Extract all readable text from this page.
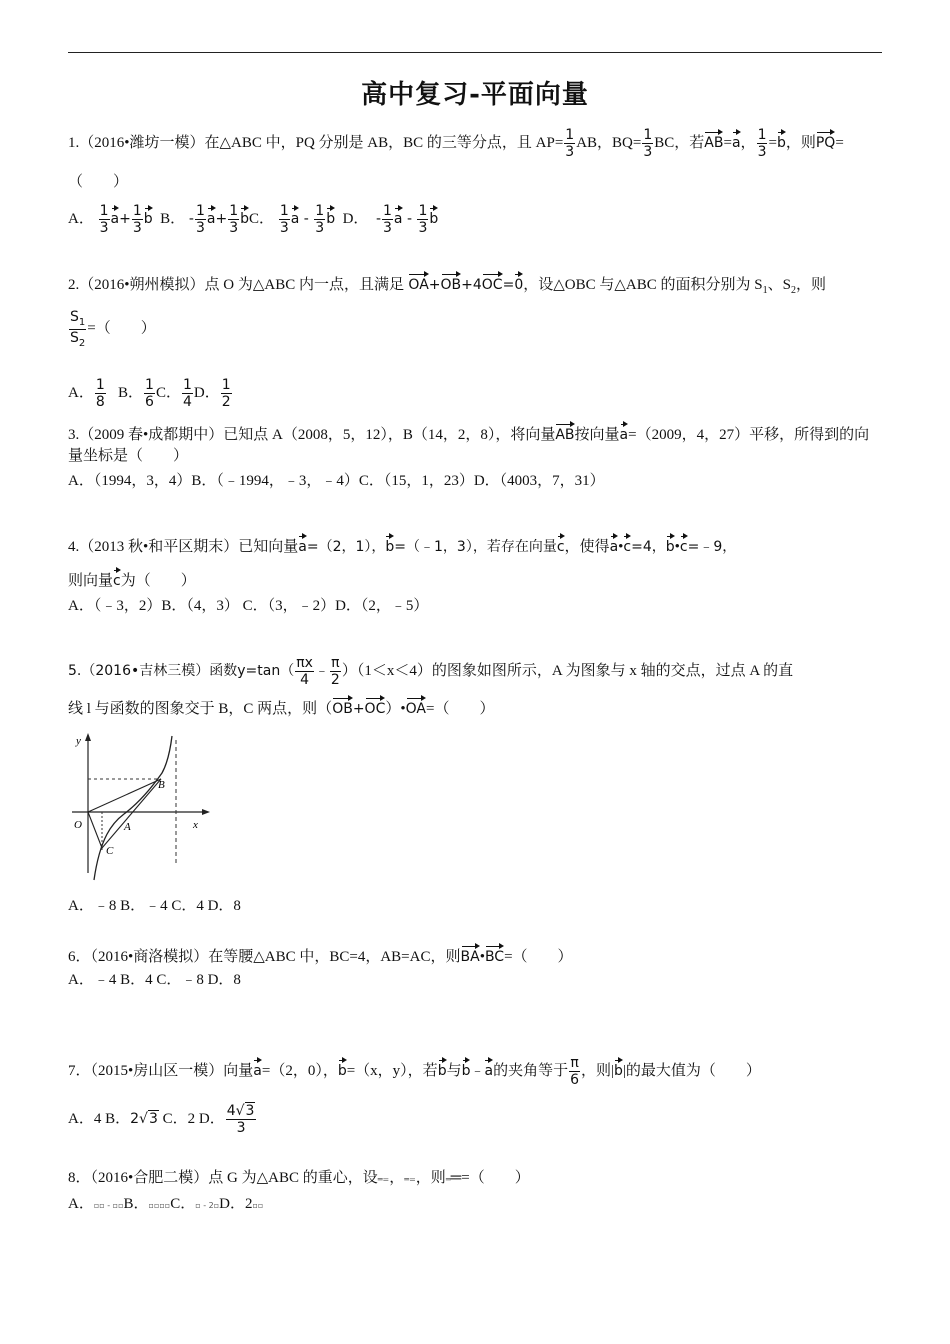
高中复习-平面向量
1.（2016•潍坊一模）在△ABC 中，PQ 分别是 AB，BC 的三等分点，且 $AP= \frac{1}{3}$ AB，$BQ= \frac{1}{3}$ BC，若AB=a， $\frac{1}{3} =b$，则PQ=
（　　）
A． $\frac{1}{3} a+ \frac{1}{3}$ b B． - $\frac{1}{3} a+ \frac{1}{3}$ bC． $\frac{1}{3}$ a - $\frac{1}{3}$ b D． - $\frac{1}{3}$ a - $\frac{1}{3}$ b
2.（2016•朔州模拟）点 O 为△ABC 内一点，且满足 OA+OB+4OC=0，设△OBC 与△ABC 的面积分别为 $S_1$、$S_2$，则
$\frac{S_1}{S_2}$ =（　　）
A． $\frac{1}{8}$ B． $\frac{1}{6}$ C． $\frac{1}{4}$ D． $\frac{1}{2}$
3.（2009 春•成都期中）已知点 A（2008，5，12），B（14，2，8），将向量AB按向量a=（2009，4，27）平移，所得到的向
量坐标是（　　）
A．（1994，3，4）B．（﹣1994，﹣3，﹣4）C．（15，1，23）D．（4003，7，31）
4.（2013 秋•和平区期末）已知向量a=（2，1），b=（﹣1，3），若存在向量c，使得a•c=4，b•c=﹣9，
则向量c为（　　）
A．（﹣3，2）B．（4，3） C．（3，﹣2）D．（2，﹣5）
5.（2016•吉林三模）函数$y=\tan( \frac{\pi x}{4}$ ﹣ $\frac{\pi}{2} )(1<x<4)$的图象如图所示，A 为图象与 x 轴的交点，过点 A 的直
线 l 与函数的图象交于 B，C 两点，则（OB+OC）•OA=（　　）
y
x
O	A
B
C
A．﹣8 B．﹣4 C．4 D．8
6．（2016•商洛模拟）在等腰△ABC 中，BC=4，AB=AC，则BA•BC=（　　）
A．﹣4 B．4 C．﹣8 D．8
7．（2015•房山区一模）向量a=（2，0），b=（x，y），若b与b﹣a的夹角等于 $\frac{\pi}{6}$ ，则|b|的最大值为（　　）
A．4 B．2√3 C．2 D． $\frac{4√3}{3}$
8．（2016•合肥二模）点 G 为△ABC 的重心，设═=，═=，则══=（　　）
A．▫▫ - ▫▫B．▫▫▫▫C．▫ - 2▫D．2▫▫
